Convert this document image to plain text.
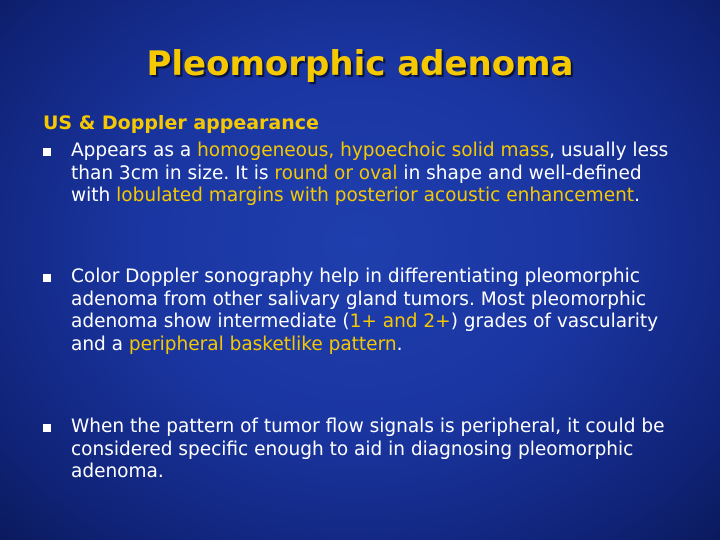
Pleomorphic adenoma
US & Doppler appearance
Appears as a homogeneous, hypoechoic solid mass, usually less than 3cm in size. It is round or oval in shape and well-defined with lobulated margins with posterior acoustic enhancement.
Color Doppler sonography help in differentiating pleomorphic adenoma from other salivary gland tumors. Most pleomorphic adenoma show intermediate (1+ and 2+) grades of vascularity and a peripheral basketlike pattern.
When the pattern of tumor flow signals is peripheral, it could be considered specific enough to aid in diagnosing pleomorphic adenoma.
